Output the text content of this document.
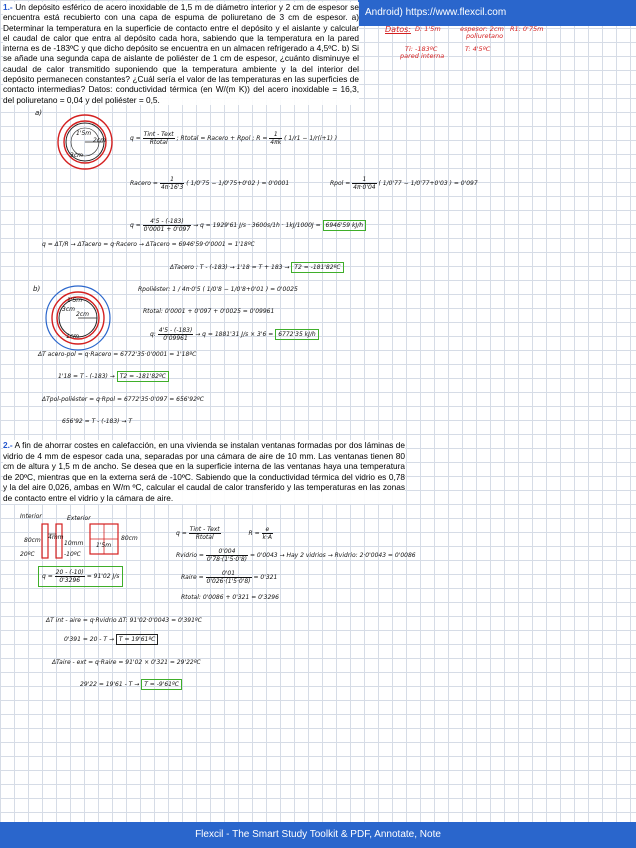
Android) https://www.flexcil.com
1.- Un depósito esférico de acero inoxidable de 1,5 m de diámetro interior y 2 cm de espesor se encuentra está recubierto con una capa de espuma de poliuretano de 3 cm de espesor. a) Determinar la temperatura en la superficie de contacto entre el depósito y el aislante y calcular el caudal de calor que entra al depósito cada hora, sabiendo que la temperatura en la pared interna es de -183ºC y que dicho depósito se encuentra en un almacen refrigerado a 4,5ºC. b) Si se añade una segunda capa de aislante de poliéster de 1 cm de espesor, ¿cuánto disminuye el caudal de calor transmitido suponiendo que la temperatura ambiente y la del interior del depósito permanecen constantes? ¿Cuál sería el valor de las temperaturas en las superficies de contacto intermedias? Datos: conductividad térmica (en W/(m K)) del acero inoxidable = 16,3, del poliuretano = 0,04 y del poliéster = 0,5.
Datos: D: 1'5m	espesor: 2cm
poliuretano
R1: 0'75m
Ti: -183ºC
pared interna
T: 4'5ºC
a)
1'5m
2cm
3cm
q =
Tint - Text
Rtotal
; Rtotal = Racero + Rpol ; $R = \frac{1}{4\pi k}$ ( 1/r1 − 1/r(i+1) )
Racero = $\frac{1}{4\pi\cdot 16'3}$ ( 1/0'75 − 1/0'75+0'02 ) = 0'0001	Rpol = $\frac{1}{4\pi\cdot 0'04}$ ( 1/0'77 − 1/0'77+0'03 ) = 0'097
$q = \frac{4'5 - (-183)}{0'0001 + 0'097} \to q = 1929'61$ J/s · 3600s/1h · 1kJ/1000J = 6946'59 kJ/h
q = ΔT/R → ΔTacero = q·Racero → ΔTacero = 6946'59·0'0001 = 1'18ºC
ΔTacero : T - (-183) → 1'18 = T + 183 → T2 = -181'82ºC
b)
1'5m
2cm
3cm
1cm
Rpoliéster: 1 / 4π·0'5 ( 1/0'8 − 1/0'8+0'01 ) = 0'0025
Rtotal: 0'0001 + 0'097 + 0'0025 = 0'09961
q: $\frac{4'5 - (-183)}{0'09961} \to q = 1881'31$ J/s × 3'6 = 6772'35 kJ/h
ΔT acero-pol = q·Racero = 6772'35·0'0001 = 1'18ºC
1'18 = T - (-183) → T2 = -181'82ºC
ΔTpol-poliéster = q·Rpol = 6772'35·0'097 = 656'92ºC
656'92 = T - (-183) → T
2.- A fin de ahorrar costes en calefacción, en una vivienda se instalan ventanas formadas por dos láminas de vidrio de 4 mm de espesor cada una, separadas por una cámara de aire de 10 mm. Las ventanas tienen 80 cm de altura y 1,5 m de ancho. Se desea que en la superficie interna de las ventanas haya una temperatura de 20ºC, mientras que en la externa será de -10ºC. Sabiendo que la conductividad térmica del vidrio es 0,78 y la del aire 0,026, ambas en W/m ºC, calcular el caudal de calor transferido y las temperaturas en las zonas de contacto entre el vidrio y la cámara de aire.
Interior	Exterior
80cm 4mm
10mm 1'5m
80cm
20ºC	-10ºC
q =
Tint - Text
Rtotal
$R = \frac{e}{k\cdot A}$
Rvidrio = $\frac{0'004}{0'78\cdot(1'5\cdot 0'8)} = 0'0043$ → Hay 2 vidrios → Rvidrio: 2·0'0043 = 0'0086
$q = \frac{20 - (-10)}{0'3296} = 91'02$ J/s	Raire = $\frac{0'01}{0'026\cdot(1'5\cdot 0'8)} = 0'321$
Rtotal: 0'0086 + 0'321 = 0'3296
ΔT int - aire = q·Rvidrio ΔT: 91'02·0'0043 = 0'391ºC
0'391 = 20 - T → T = 19'61ºC
ΔTaire - ext = q·Raire = 91'02 × 0'321 = 29'22ºC
29'22 = 19'61 - T → T = -9'61ºC
Flexcil - The Smart Study Toolkit & PDF, Annotate, Note
